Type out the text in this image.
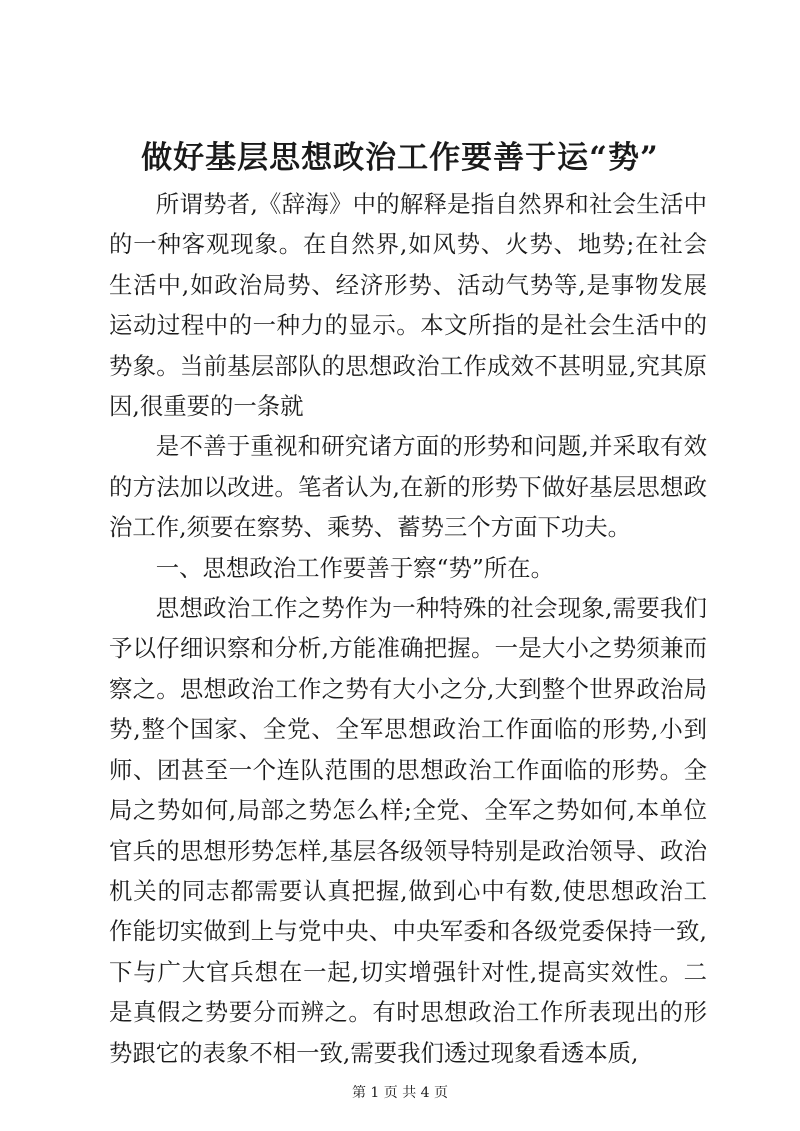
做好基层思想政治工作要善于运“势”

所谓势者,《辞海》中的解释是指自然界和社会生活中的一种客观现象。在自然界,如风势、火势、地势;在社会生活中,如政治局势、经济形势、活动气势等,是事物发展运动过程中的一种力的显示。本文所指的是社会生活中的势象。当前基层部队的思想政治工作成效不甚明显,究其原因,很重要的一条就

是不善于重视和研究诸方面的形势和问题,并采取有效的方法加以改进。笔者认为,在新的形势下做好基层思想政治工作,须要在察势、乘势、蓄势三个方面下功夫。

一、思想政治工作要善于察“势”所在。

思想政治工作之势作为一种特殊的社会现象,需要我们予以仔细识察和分析,方能准确把握。一是大小之势须兼而察之。思想政治工作之势有大小之分,大到整个世界政治局势,整个国家、全党、全军思想政治工作面临的形势,小到师、团甚至一个连队范围的思想政治工作面临的形势。全局之势如何,局部之势怎么样;全党、全军之势如何,本单位官兵的思想形势怎样,基层各级领导特别是政治领导、政治机关的同志都需要认真把握,做到心中有数,使思想政治工作能切实做到上与党中央、中央军委和各级党委保持一致,下与广大官兵想在一起,切实增强针对性,提高实效性。二是真假之势要分而辨之。有时思想政治工作所表现出的形势跟它的表象不相一致,需要我们透过现象看透本质,

第 1 页 共 4 页
